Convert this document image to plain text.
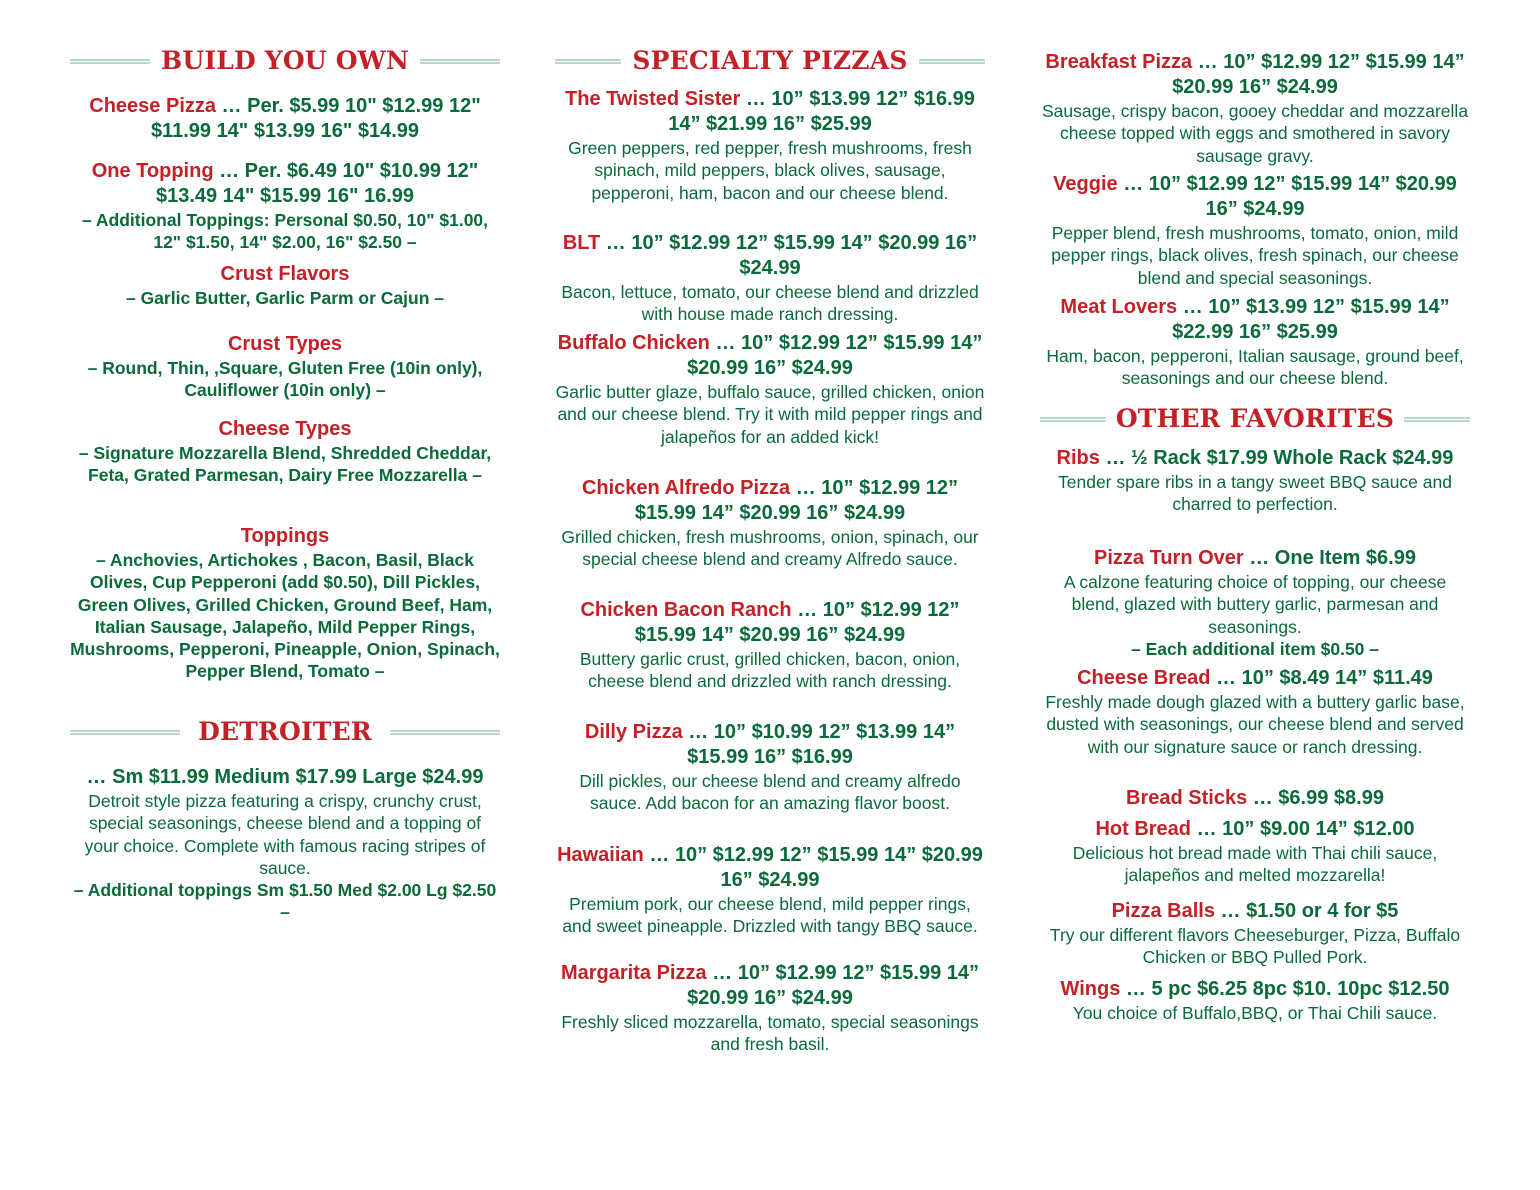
BUILD YOU OWN
Cheese Pizza … Per. $5.99 10" $12.99 12" $11.99 14" $13.99 16" $14.99
One Topping … Per. $6.49 10" $10.99 12" $13.49 14" $15.99 16" 16.99
– Additional Toppings: Personal $0.50, 10" $1.00, 12" $1.50, 14" $2.00, 16" $2.50 –
Crust Flavors
– Garlic Butter, Garlic Parm or Cajun –
Crust Types
– Round, Thin, ,Square, Gluten Free (10in only), Cauliflower (10in only) –
Cheese Types
– Signature Mozzarella Blend, Shredded Cheddar, Feta, Grated Parmesan, Dairy Free Mozzarella –
Toppings
– Anchovies, Artichokes , Bacon, Basil, Black Olives, Cup Pepperoni (add $0.50), Dill Pickles, Green Olives, Grilled Chicken, Ground Beef, Ham, Italian Sausage, Jalapeño, Mild Pepper Rings, Mushrooms, Pepperoni, Pineapple, Onion, Spinach, Pepper Blend, Tomato –
DETROITER
… Sm $11.99 Medium $17.99 Large $24.99
Detroit style pizza featuring a crispy, crunchy crust, special seasonings, cheese blend and a topping of your choice. Complete with famous racing stripes of sauce.
– Additional toppings Sm $1.50 Med $2.00 Lg $2.50 –
SPECIALTY PIZZAS
The Twisted Sister … 10” $13.99 12” $16.99 14” $21.99 16” $25.99
Green peppers, red pepper, fresh mushrooms, fresh spinach, mild peppers, black olives, sausage, pepperoni, ham, bacon and our cheese blend.
BLT … 10” $12.99 12” $15.99 14” $20.99 16” $24.99
Bacon, lettuce, tomato, our cheese blend and drizzled with house made ranch dressing.
Buffalo Chicken … 10” $12.99 12” $15.99 14” $20.99 16” $24.99
Garlic butter glaze, buffalo sauce, grilled chicken, onion and our cheese blend. Try it with mild pepper rings and jalapeños for an added kick!
Chicken Alfredo Pizza … 10” $12.99 12” $15.99 14” $20.99 16” $24.99
Grilled chicken, fresh mushrooms, onion, spinach, our special cheese blend and creamy Alfredo sauce.
Chicken Bacon Ranch … 10” $12.99 12” $15.99 14” $20.99 16” $24.99
Buttery garlic crust, grilled chicken, bacon, onion, cheese blend and drizzled with ranch dressing.
Dilly Pizza … 10” $10.99 12” $13.99 14” $15.99 16” $16.99
Dill pickles, our cheese blend and creamy alfredo sauce. Add bacon for an amazing flavor boost.
Hawaiian … 10” $12.99 12” $15.99 14” $20.99 16” $24.99
Premium pork, our cheese blend, mild pepper rings, and sweet pineapple. Drizzled with tangy BBQ sauce.
Margarita Pizza … 10” $12.99 12” $15.99 14” $20.99 16” $24.99
Freshly sliced mozzarella, tomato, special seasonings and fresh basil.
Breakfast Pizza … 10” $12.99 12” $15.99 14” $20.99 16” $24.99
Sausage, crispy bacon, gooey cheddar and mozzarella cheese topped with eggs and smothered in savory sausage gravy.
Veggie … 10” $12.99 12” $15.99 14” $20.99 16” $24.99
Pepper blend, fresh mushrooms, tomato, onion, mild pepper rings, black olives, fresh spinach, our cheese blend and special seasonings.
Meat Lovers … 10” $13.99 12” $15.99 14” $22.99 16” $25.99
Ham, bacon, pepperoni, Italian sausage, ground beef, seasonings and our cheese blend.
OTHER FAVORITES
Ribs … ½ Rack $17.99 Whole Rack $24.99
Tender spare ribs in a tangy sweet BBQ sauce and charred to perfection.
Pizza Turn Over … One Item $6.99
A calzone featuring choice of topping, our cheese blend, glazed with buttery garlic, parmesan and seasonings.
– Each additional item $0.50 –
Cheese Bread … 10” $8.49 14” $11.49
Freshly made dough glazed with a buttery garlic base, dusted with seasonings, our cheese blend and served with our signature sauce or ranch dressing.
Bread Sticks … $6.99 $8.99
Hot Bread … 10” $9.00 14” $12.00
Delicious hot bread made with Thai chili sauce, jalapeños and melted mozzarella!
Pizza Balls … $1.50 or 4 for $5
Try our different flavors Cheeseburger, Pizza, Buffalo Chicken or BBQ Pulled Pork.
Wings … 5 pc $6.25 8pc $10. 10pc $12.50
You choice of Buffalo,BBQ, or Thai Chili sauce.
